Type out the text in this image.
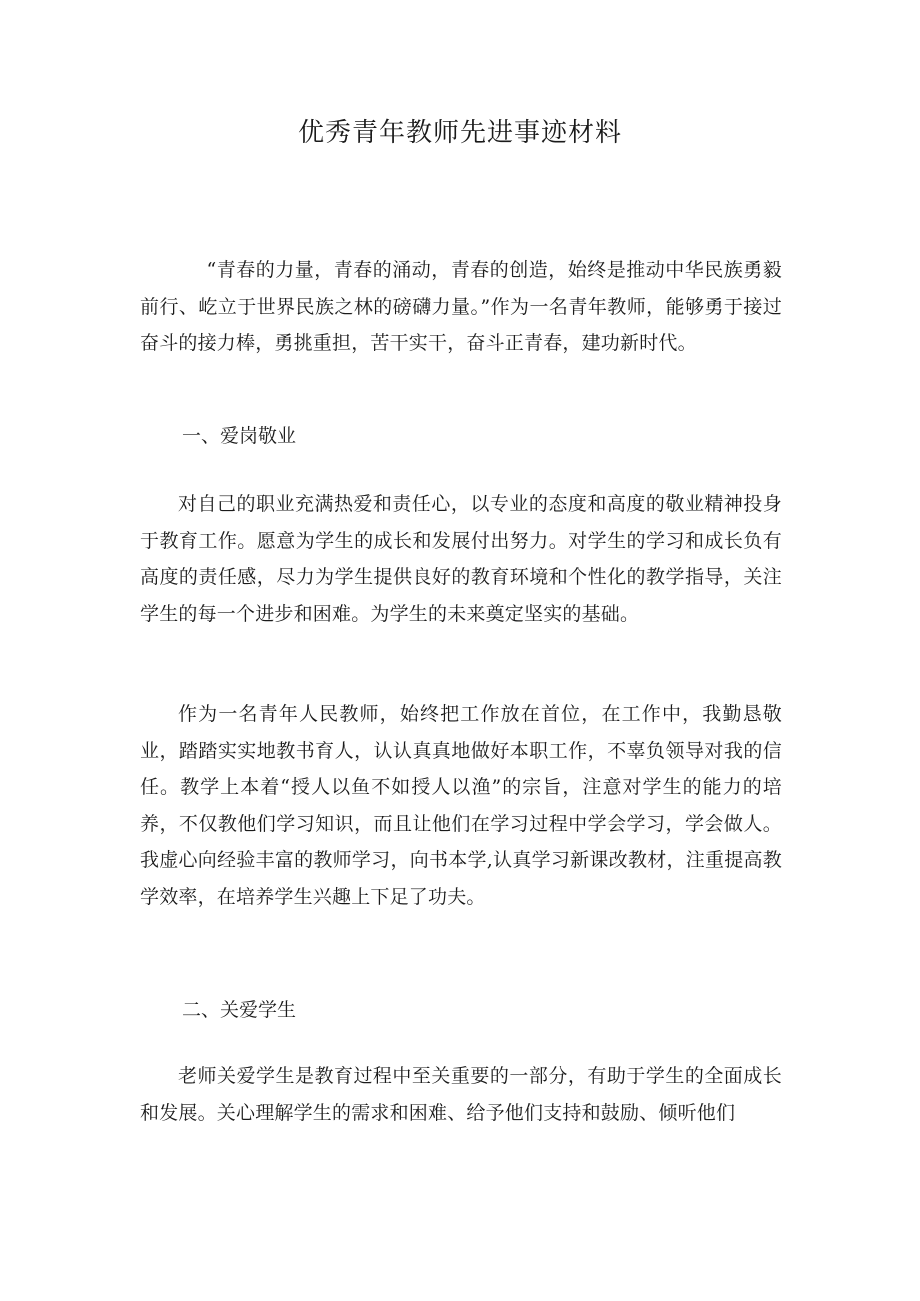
优秀青年教师先进事迹材料

“青春的力量，青春的涌动，青春的创造，始终是推动中华民族勇毅前行、屹立于世界民族之林的磅礴力量。”作为一名青年教师，能够勇于接过奋斗的接力棒，勇挑重担，苦干实干，奋斗正青春，建功新时代。

一、爱岗敬业

对自己的职业充满热爱和责任心，以专业的态度和高度的敬业精神投身于教育工作。愿意为学生的成长和发展付出努力。对学生的学习和成长负有高度的责任感，尽力为学生提供良好的教育环境和个性化的教学指导，关注学生的每一个进步和困难。为学生的未来奠定坚实的基础。

作为一名青年人民教师，始终把工作放在首位，在工作中，我勤恳敬业，踏踏实实地教书育人，认认真真地做好本职工作，不辜负领导对我的信任。教学上本着“授人以鱼不如授人以渔”的宗旨，注意对学生的能力的培养，不仅教他们学习知识，而且让他们在学习过程中学会学习，学会做人。我虚心向经验丰富的教师学习，向书本学,认真学习新课改教材，注重提高教学效率，在培养学生兴趣上下足了功夫。

二、关爱学生

老师关爱学生是教育过程中至关重要的一部分，有助于学生的全面成长和发展。关心理解学生的需求和困难、给予他们支持和鼓励、倾听他们
